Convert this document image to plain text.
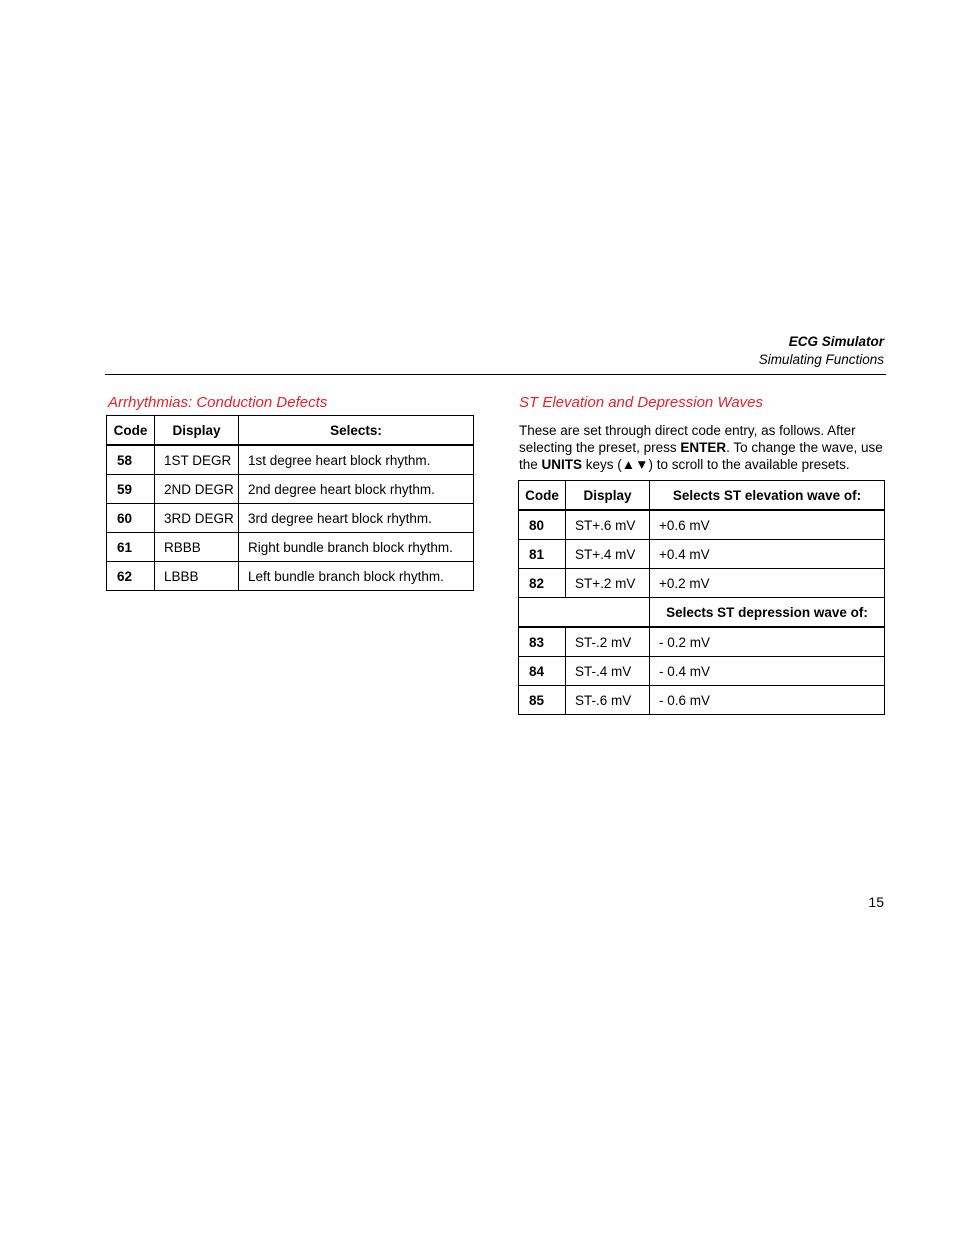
ECG Simulator
Simulating Functions
Arrhythmias: Conduction Defects
Code	Display	Selects:
58	1ST DEGR	1st degree heart block rhythm.
59	2ND DEGR	2nd degree heart block rhythm.
60	3RD DEGR	3rd degree heart block rhythm.
61	RBBB	Right bundle branch block rhythm.
62	LBBB	Left bundle branch block rhythm.
ST Elevation and Depression Waves
These are set through direct code entry, as follows. After selecting the preset, press ENTER. To change the wave, use the UNITS keys (▲▼) to scroll to the available presets.
Code	Display	Selects ST elevation wave of:
80	ST+.6 mV	+0.6 mV
81	ST+.4 mV	+0.4 mV
82	ST+.2 mV	+0.2 mV
		Selects ST depression wave of:
83	ST-.2 mV	- 0.2 mV
84	ST-.4 mV	- 0.4 mV
85	ST-.6 mV	- 0.6 mV
15
